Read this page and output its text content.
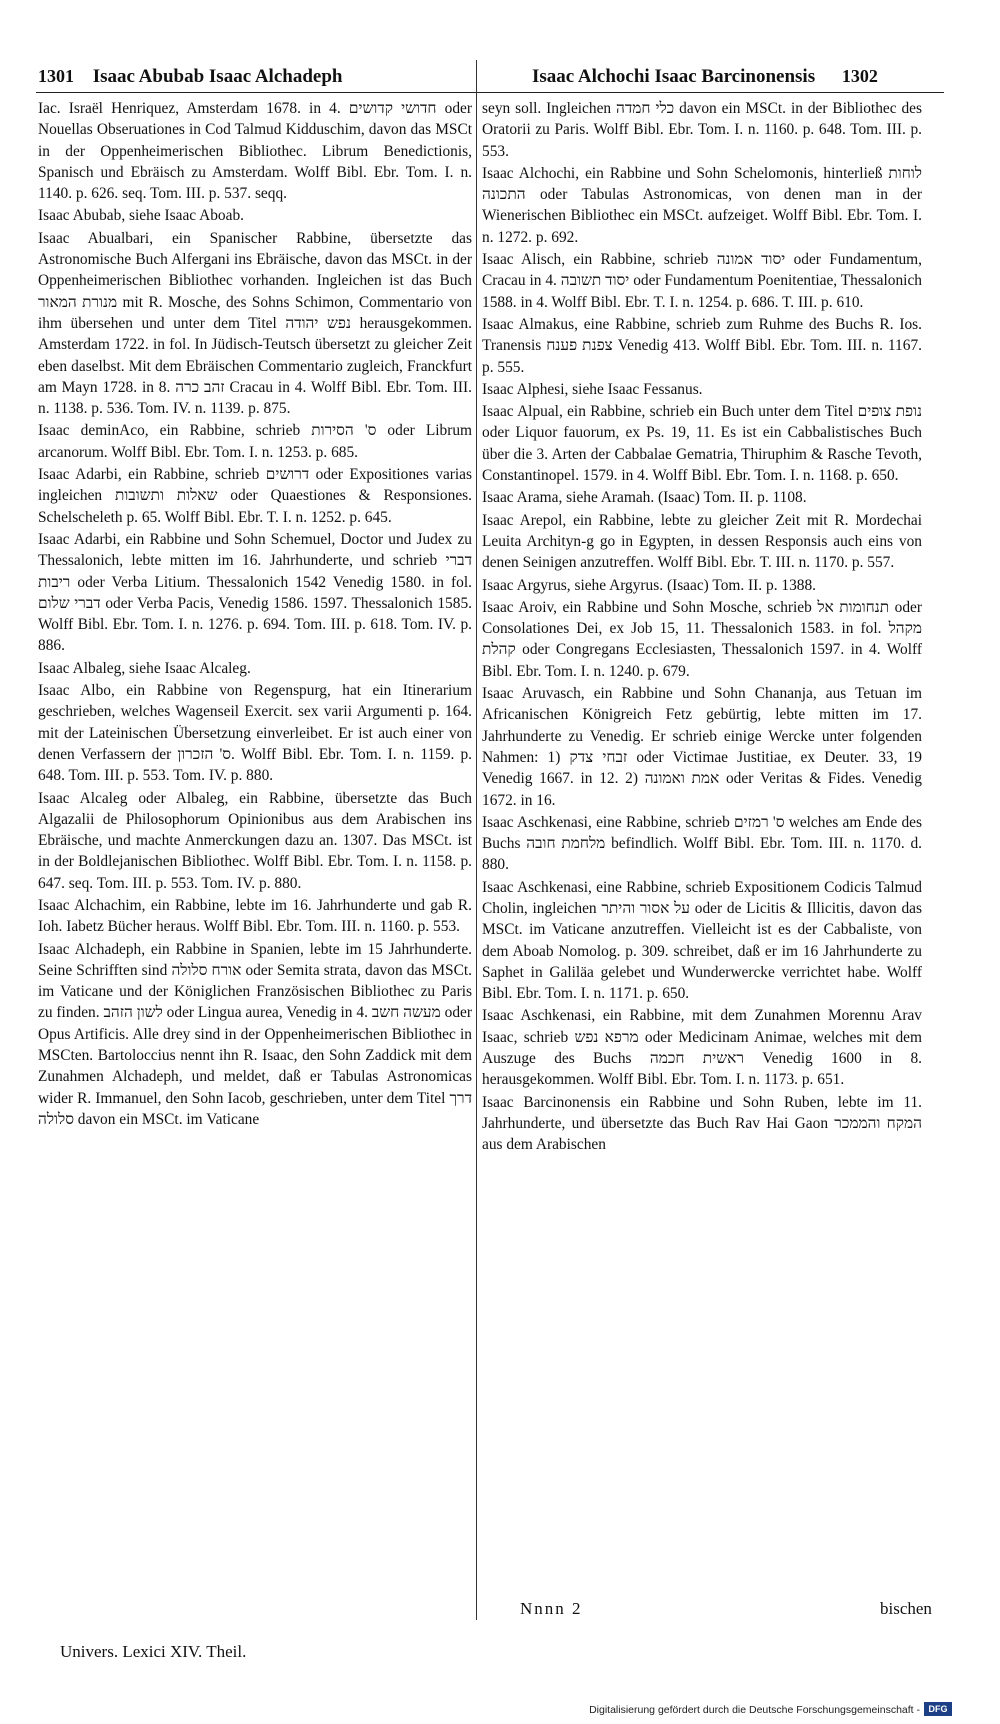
1301 Isaac Abubab Isaac Alchadeph	Isaac Alchochi Isaac Barcinonensis 1302

Iac. Israël Henriquez, Amsterdam 1678. in 4. חדושי קדושים oder Nouellas Obseruationes in Cod Talmud Kidduschim, davon das MSCt in der Oppenheimerischen Bibliothec. Librum Benedictionis, Spanisch und Ebräisch zu Amsterdam. Wolff Bibl. Ebr. Tom. I. n. 1140. p. 626. seq. Tom. III. p. 537. seqq.

Isaac Abubab, siehe Isaac Aboab.

Isaac Abualbari, ein Spanischer Rabbine, übersetzte das Astronomische Buch Alfergani ins Ebräische, davon das MSCt. in der Oppenheimerischen Bibliothec vorhanden. Ingleichen ist das Buch מנורת המאור mit R. Mosche, des Sohns Schimon, Commentario von ihm übersehen und unter dem Titel נפש יהודה herausgekommen. Amsterdam 1722. in fol. In Jüdisch-Teutsch übersetzt zu gleicher Zeit eben daselbst. Mit dem Ebräischen Commentario zugleich, Franckfurt am Mayn 1728. in 8. זהב כרה Cracau in 4. Wolff Bibl. Ebr. Tom. III. n. 1138. p. 536. Tom. IV. n. 1139. p. 875.

Isaac deminAco, ein Rabbine, schrieb ס' הסירות oder Librum arcanorum. Wolff Bibl. Ebr. Tom. I. n. 1253. p. 685.

Isaac Adarbi, ein Rabbine, schrieb דרושים oder Expositiones varias ingleichen שאלות ותשובות oder Quaestiones & Responsiones. Schelscheleth p. 65. Wolff Bibl. Ebr. T. I. n. 1252. p. 645.

Isaac Adarbi, ein Rabbine und Sohn Schemuel, Doctor und Judex zu Thessalonich, lebte mitten im 16. Jahrhunderte, und schrieb דברי ריבות oder Verba Litium. Thessalonich 1542 Venedig 1580. in fol. דברי שלום oder Verba Pacis, Venedig 1586. 1597. Thessalonich 1585. Wolff Bibl. Ebr. Tom. I. n. 1276. p. 694. Tom. III. p. 618. Tom. IV. p. 886.

Isaac Albaleg, siehe Isaac Alcaleg.

Isaac Albo, ein Rabbine von Regenspurg, hat ein Itinerarium geschrieben, welches Wagenseil Exercit. sex varii Argumenti p. 164. mit der Lateinischen Übersetzung einverleibet. Er ist auch einer von denen Verfassern der ס' הזכרון. Wolff Bibl. Ebr. Tom. I. n. 1159. p. 648. Tom. III. p. 553. Tom. IV. p. 880.

Isaac Alcaleg oder Albaleg, ein Rabbine, übersetzte das Buch Algazalii de Philosophorum Opinionibus aus dem Arabischen ins Ebräische, und machte Anmerckungen dazu an. 1307. Das MSCt. ist in der Boldlejanischen Bibliothec. Wolff Bibl. Ebr. Tom. I. n. 1158. p. 647. seq. Tom. III. p. 553. Tom. IV. p. 880.

Isaac Alchachim, ein Rabbine, lebte im 16. Jahrhunderte und gab R. Ioh. Iabetz Bücher heraus. Wolff Bibl. Ebr. Tom. III. n. 1160. p. 553.

Isaac Alchadeph, ein Rabbine in Spanien, lebte im 15 Jahrhunderte. Seine Schrifften sind אורח סלולה oder Semita strata, davon das MSCt. im Vaticane und der Königlichen Französischen Bibliothec zu Paris zu finden. לשון הזהב oder Lingua aurea, Venedig in 4. מעשה חשב oder Opus Artificis. Alle drey sind in der Oppenheimerischen Bibliothec in MSCten. Bartoloccius nennt ihn R. Isaac, den Sohn Zaddick mit dem Zunahmen Alchadeph, und meldet, daß er Tabulas Astronomicas wider R. Immanuel, den Sohn Iacob, geschrieben, unter dem Titel דרך סלולה davon ein MSCt. im Vaticane

seyn soll. Ingleichen כלי חמדה davon ein MSCt. in der Bibliothec des Oratorii zu Paris. Wolff Bibl. Ebr. Tom. I. n. 1160. p. 648. Tom. III. p. 553.

Isaac Alchochi, ein Rabbine und Sohn Schelomonis, hinterließ לוחות התכונה oder Tabulas Astronomicas, von denen man in der Wienerischen Bibliothec ein MSCt. aufzeiget. Wolff Bibl. Ebr. Tom. I. n. 1272. p. 692.

Isaac Alisch, ein Rabbine, schrieb יסוד אמונה oder Fundamentum, Cracau in 4. יסוד תשובה oder Fundamentum Poenitentiae, Thessalonich 1588. in 4. Wolff Bibl. Ebr. T. I. n. 1254. p. 686. T. III. p. 610.

Isaac Almakus, eine Rabbine, schrieb zum Ruhme des Buchs R. Ios. Tranensis צפנת פענח Venedig 413. Wolff Bibl. Ebr. Tom. III. n. 1167. p. 555.

Isaac Alphesi, siehe Isaac Fessanus.

Isaac Alpual, ein Rabbine, schrieb ein Buch unter dem Titel נופת צופים oder Liquor fauorum, ex Ps. 19, 11. Es ist ein Cabbalistisches Buch über die 3. Arten der Cabbalae Gematria, Thiruphim & Rasche Tevoth, Constantinopel. 1579. in 4. Wolff Bibl. Ebr. Tom. I. n. 1168. p. 650.

Isaac Arama, siehe Aramah. (Isaac) Tom. II. p. 1108.

Isaac Arepol, ein Rabbine, lebte zu gleicher Zeit mit R. Mordechai Leuita Archityn-g go in Egypten, in dessen Responsis auch eins von denen Seinigen anzutreffen. Wolff Bibl. Ebr. T. III. n. 1170. p. 557.

Isaac Argyrus, siehe Argyrus. (Isaac) Tom. II. p. 1388.

Isaac Aroiv, ein Rabbine und Sohn Mosche, schrieb תנחומות אל oder Consolationes Dei, ex Job 15, 11. Thessalonich 1583. in fol. מקהל קהלת oder Congregans Ecclesiasten, Thessalonich 1597. in 4. Wolff Bibl. Ebr. Tom. I. n. 1240. p. 679.

Isaac Aruvasch, ein Rabbine und Sohn Chananja, aus Tetuan im Africanischen Königreich Fetz gebürtig, lebte mitten im 17. Jahrhunderte zu Venedig. Er schrieb einige Wercke unter folgenden Nahmen: 1) זבחי צדק oder Victimae Justitiae, ex Deuter. 33, 19 Venedig 1667. in 12. 2) אמת ואמונה oder Veritas & Fides. Venedig 1672. in 16.

Isaac Aschkenasi, eine Rabbine, schrieb ס' רמזים welches am Ende des Buchs מלחמת חובה befindlich. Wolff Bibl. Ebr. Tom. III. n. 1170. d. 880.

Isaac Aschkenasi, eine Rabbine, schrieb Expositionem Codicis Talmud Cholin, ingleichen על אסור והיתר oder de Licitis & Illicitis, davon das MSCt. im Vaticane anzutreffen. Vielleicht ist es der Cabbaliste, von dem Aboab Nomolog. p. 309. schreibet, daß er im 16 Jahrhunderte zu Saphet in Galiläa gelebet und Wunderwercke verrichtet habe. Wolff Bibl. Ebr. Tom. I. n. 1171. p. 650.

Isaac Aschkenasi, ein Rabbine, mit dem Zunahmen Morennu Arav Isaac, schrieb מרפא נפש oder Medicinam Animae, welches mit dem Auszuge des Buchs ראשית חכמה Venedig 1600 in 8. herausgekommen. Wolff Bibl. Ebr. Tom. I. n. 1173. p. 651.

Isaac Barcinonensis ein Rabbine und Sohn Ruben, lebte im 11. Jahrhunderte, und übersetzte das Buch Rav Hai Gaon המקח והממכר aus dem Arabischen

Nnnn 2	bischen
Univers. Lexici XIV. Theil.
Digitalisierung gefördert durch die Deutsche Forschungsgemeinschaft - DFG
